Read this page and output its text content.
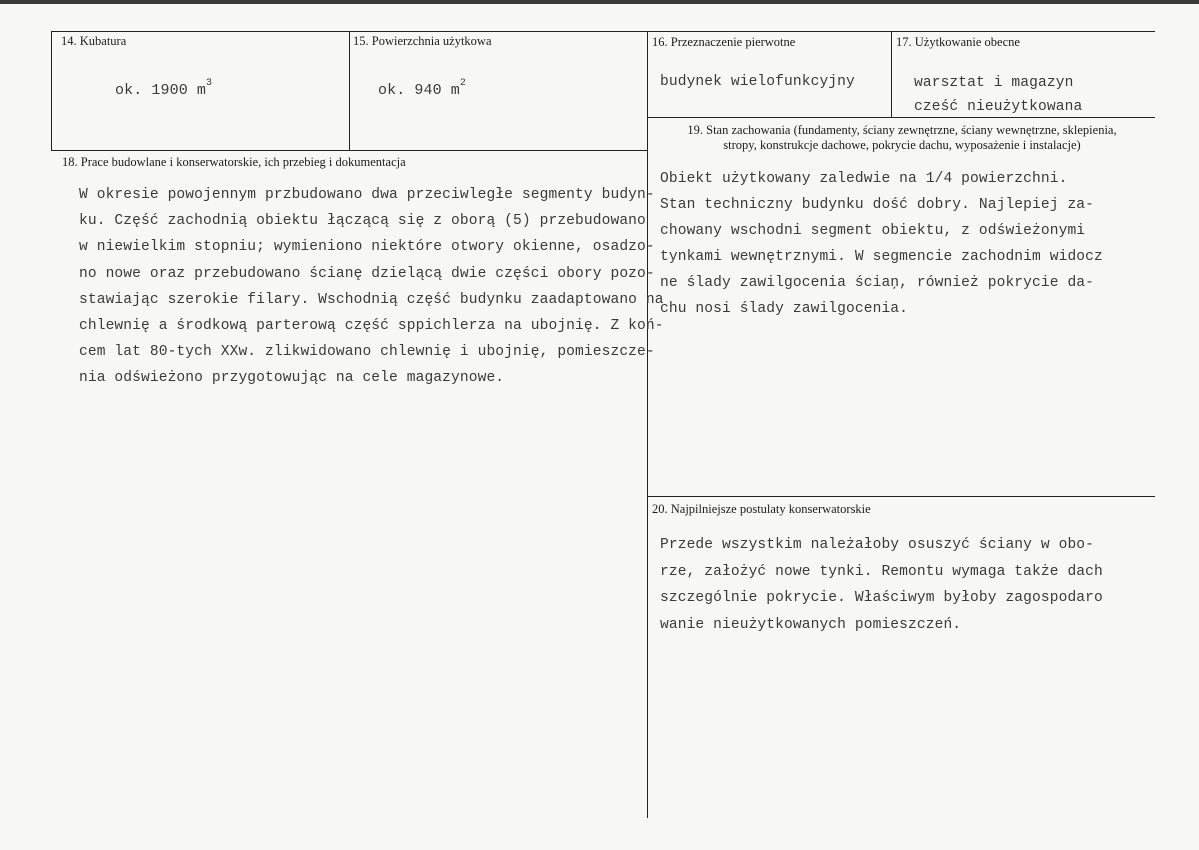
14. Kubatura
ok. 1900 $m^3$
15. Powierzchnia użytkowa
ok. 940 $m^2$
16. Przeznaczenie pierwotne
budynek wielofunkcyjny
17. Użytkowanie obecne
warsztat i magazyn
cześć nieużytkowana
18. Prace budowlane i konserwatorskie, ich przebieg i dokumentacja
W okresie powojennym przbudowano dwa przeciwległe segmenty budyn-
ku. Część zachodnią obiektu łączącą się z oborą (5) przebudowano
w niewielkim stopniu; wymieniono niektóre otwory okienne, osadzo-
no nowe oraz przebudowano ścianę dzielącą dwie części obory pozo-
stawiając szerokie filary. Wschodnią część budynku zaadaptowano na
chlewnię a środkową parterową część sppichlerza na ubojnię. Z koń-
cem lat 80-tych XXw. zlikwidowano chlewnię i ubojnię, pomieszcze-
nia odświeżono przygotowując na cele magazynowe.
19. Stan zachowania (fundamenty, ściany zewnętrzne, ściany wewnętrzne, sklepienia,
stropy, konstrukcje dachowe, pokrycie dachu, wyposażenie i instalacje)
Obiekt użytkowany zaledwie na 1/4 powierzchni.
Stan techniczny budynku dość dobry. Najlepiej za-
chowany wschodni segment obiektu, z odświeżonymi
tynkami wewnętrznymi. W segmencie zachodnim widocz
ne ślady zawilgocenia ściaņ, również pokrycie da-
chu nosi ślady zawilgocenia.
20. Najpilniejsze postulaty konserwatorskie
Przede wszystkim należałoby osuszyć ściany w obo-
rze, założyć nowe tynki. Remontu wymaga także dach
szczególnie pokrycie. Właściwym byłoby zagospodaro
wanie nieużytkowanych pomieszczeń.
